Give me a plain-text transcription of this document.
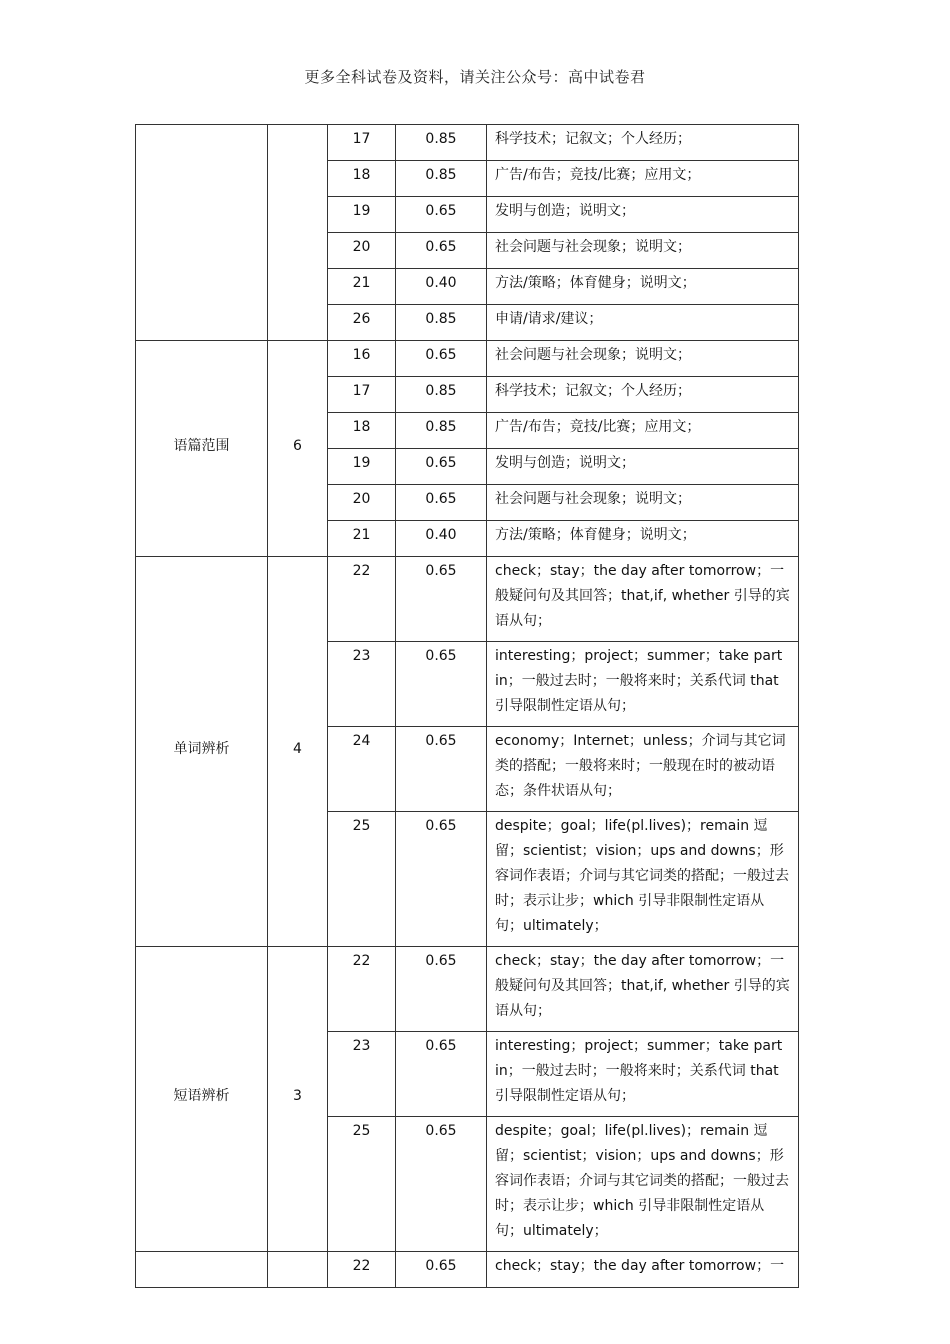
更多全科试卷及资料，请关注公众号：高中试卷君
		17	0.85	科学技术；记叙文；个人经历；
		18	0.85	广告/布告；竞技/比赛；应用文；
		19	0.65	发明与创造；说明文；
		20	0.65	社会问题与社会现象；说明文；
		21	0.40	方法/策略；体育健身；说明文；
		26	0.85	申请/请求/建议；
语篇范围	6	16	0.65	社会问题与社会现象；说明文；
		17	0.85	科学技术；记叙文；个人经历；
		18	0.85	广告/布告；竞技/比赛；应用文；
		19	0.65	发明与创造；说明文；
		20	0.65	社会问题与社会现象；说明文；
		21	0.40	方法/策略；体育健身；说明文；
单词辨析	4	22	0.65	check；stay；the day after tomorrow；一般疑问句及其回答；that,if, whether 引导的宾语从句；
		23	0.65	interesting；project；summer；take part in；一般过去时；一般将来时；关系代词 that 引导限制性定语从句；
		24	0.65	economy；Internet；unless；介词与其它词类的搭配；一般将来时；一般现在时的被动语态；条件状语从句；
		25	0.65	despite；goal；life(pl.lives)；remain 逗留；scientist；vision；ups and downs；形容词作表语；介词与其它词类的搭配；一般过去时；表示让步；which 引导非限制性定语从句；ultimately；
短语辨析	3	22	0.65	check；stay；the day after tomorrow；一般疑问句及其回答；that,if, whether 引导的宾语从句；
		23	0.65	interesting；project；summer；take part in；一般过去时；一般将来时；关系代词 that 引导限制性定语从句；
		25	0.65	despite；goal；life(pl.lives)；remain 逗留；scientist；vision；ups and downs；形容词作表语；介词与其它词类的搭配；一般过去时；表示让步；which 引导非限制性定语从句；ultimately；
		22	0.65	check；stay；the day after tomorrow；一
